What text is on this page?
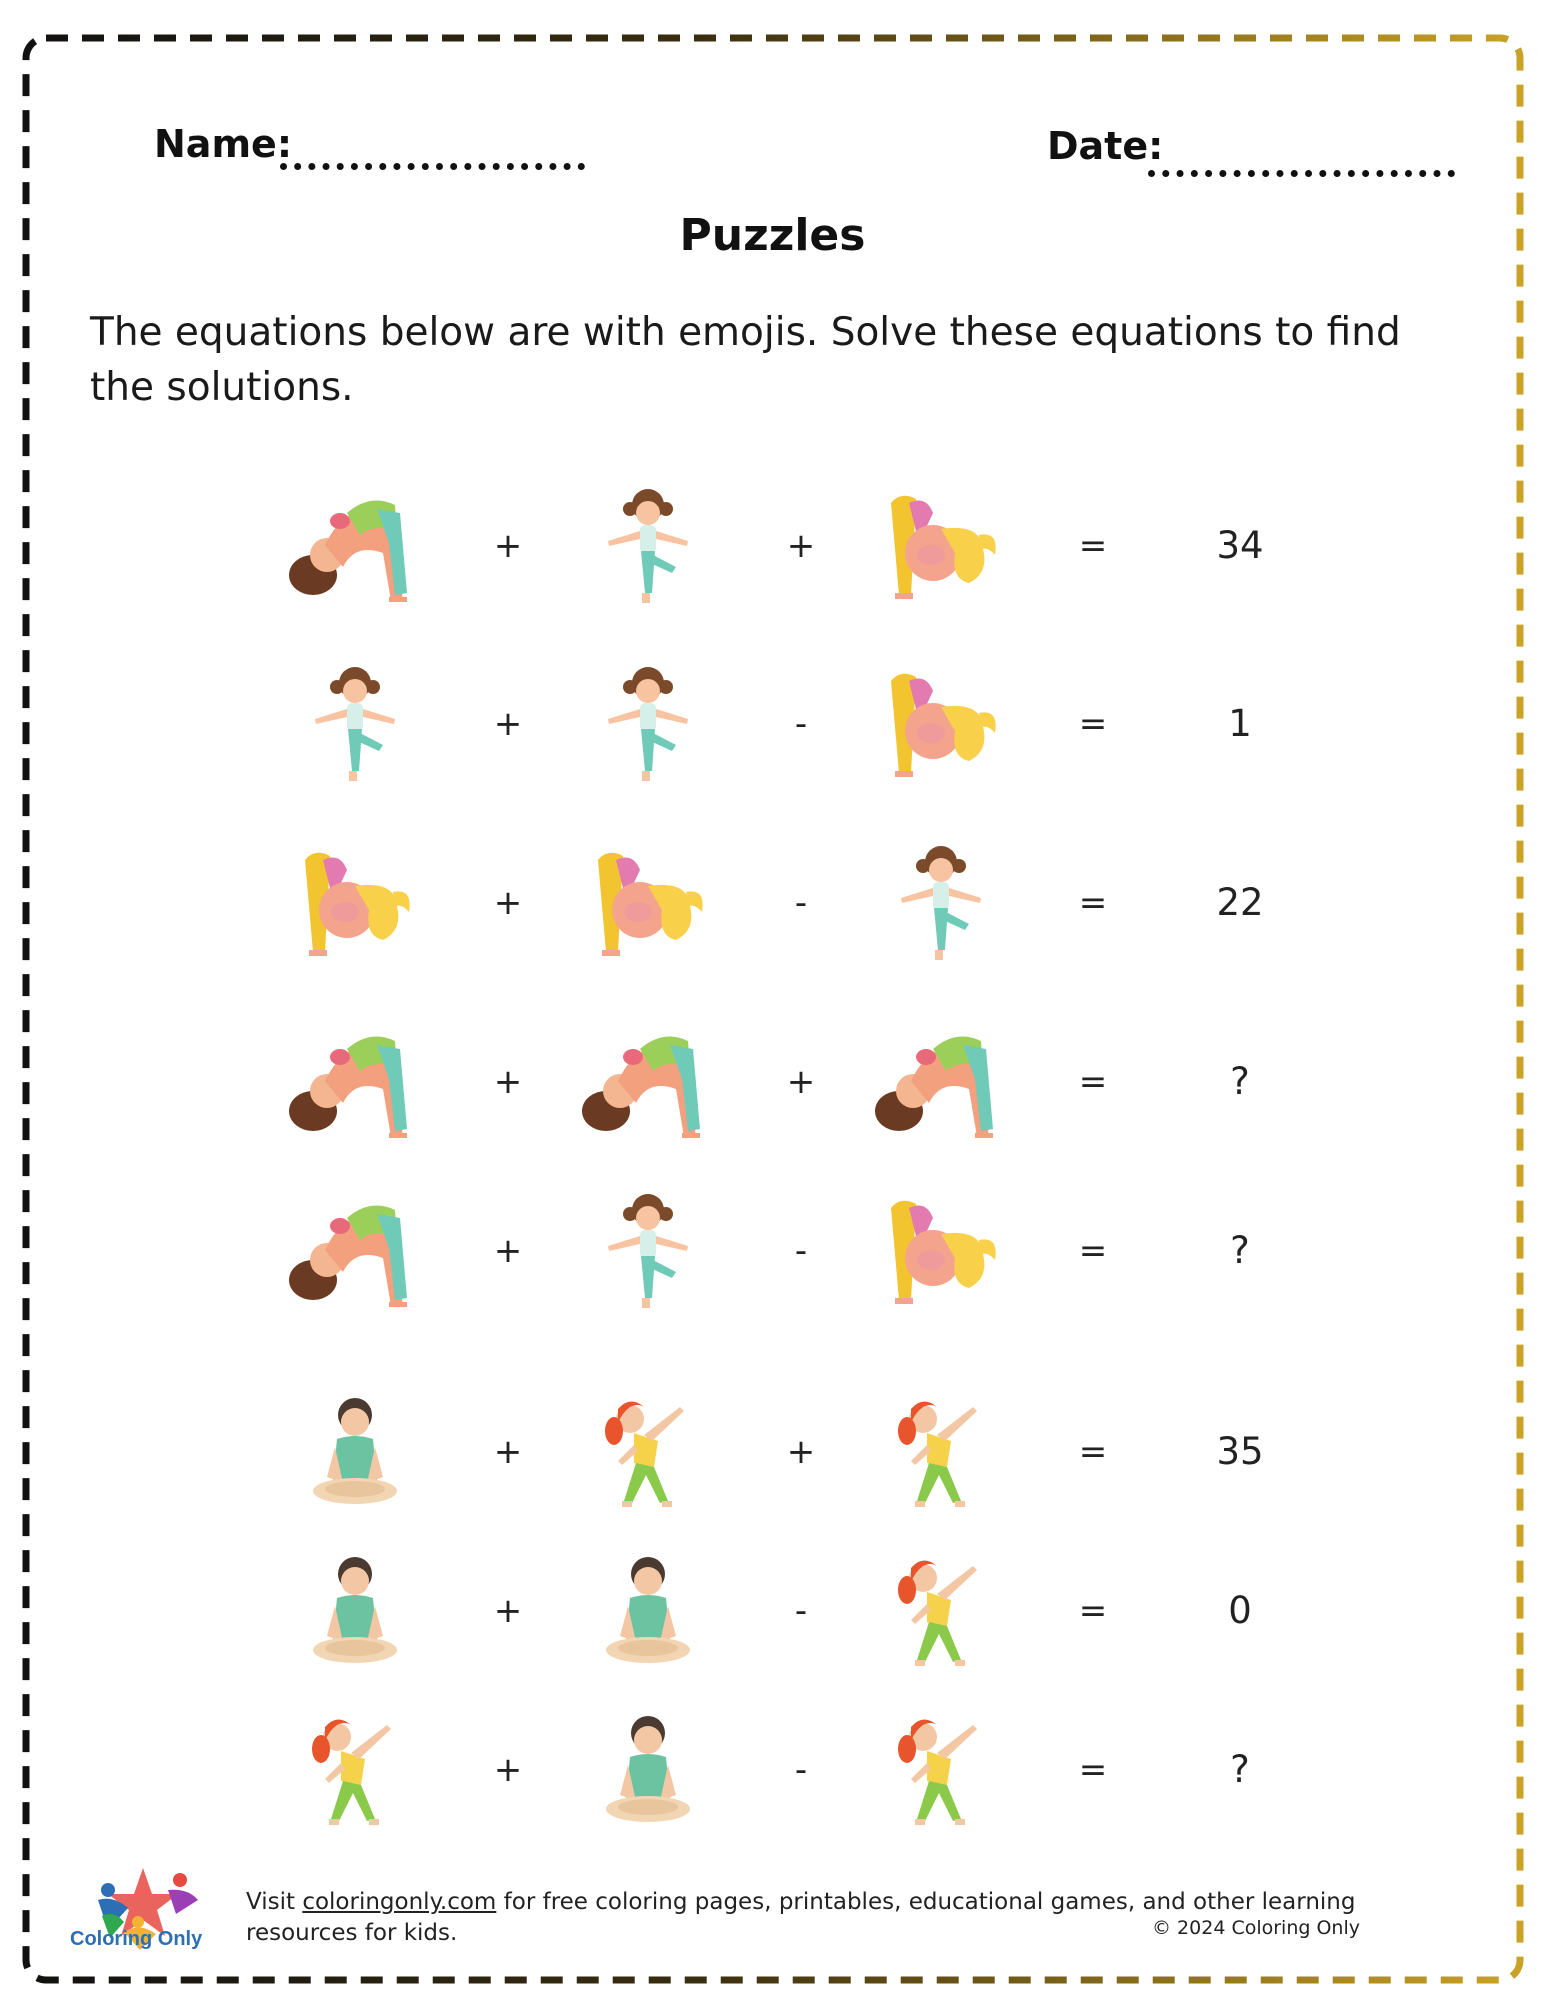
Name:	Date:
Puzzles
The equations below are with emojis. Solve these equations to find the solutions.
+	+	=	34
+	-	=	1
+	-	=	22
+	+	=	?
+	-	=	?
+	+	=	35
+	-	=	0
+	-	=	?
Coloring Only
Visit coloringonly.com for free coloring pages, printables, educational games, and other learning resources for kids.	© 2024 Coloring Only
